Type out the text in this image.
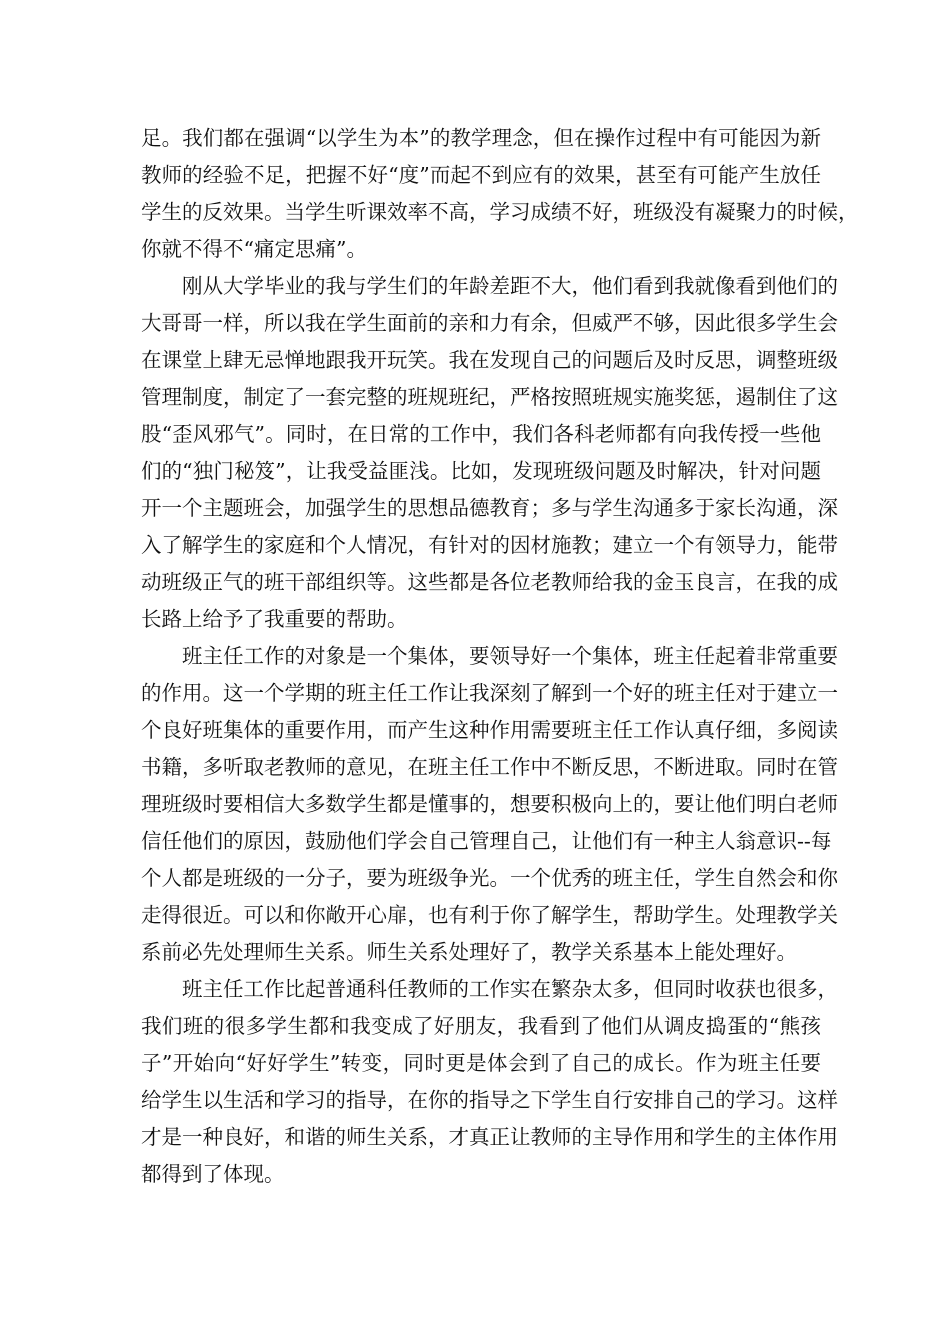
足。我们都在强调“以学生为本”的教学理念，但在操作过程中有可能因为新
教师的经验不足，把握不好“度”而起不到应有的效果，甚至有可能产生放任
学生的反效果。当学生听课效率不高，学习成绩不好，班级没有凝聚力的时候，
你就不得不“痛定思痛”。
刚从大学毕业的我与学生们的年龄差距不大，他们看到我就像看到他们的
大哥哥一样，所以我在学生面前的亲和力有余，但威严不够，因此很多学生会
在课堂上肆无忌惮地跟我开玩笑。我在发现自己的问题后及时反思，调整班级
管理制度，制定了一套完整的班规班纪，严格按照班规实施奖惩，遏制住了这
股“歪风邪气”。同时，在日常的工作中，我们各科老师都有向我传授一些他
们的“独门秘笈”，让我受益匪浅。比如，发现班级问题及时解决，针对问题
开一个主题班会，加强学生的思想品德教育；多与学生沟通多于家长沟通，深
入了解学生的家庭和个人情况，有针对的因材施教；建立一个有领导力，能带
动班级正气的班干部组织等。这些都是各位老教师给我的金玉良言，在我的成
长路上给予了我重要的帮助。
班主任工作的对象是一个集体，要领导好一个集体，班主任起着非常重要
的作用。这一个学期的班主任工作让我深刻了解到一个好的班主任对于建立一
个良好班集体的重要作用，而产生这种作用需要班主任工作认真仔细，多阅读
书籍，多听取老教师的意见，在班主任工作中不断反思，不断进取。同时在管
理班级时要相信大多数学生都是懂事的，想要积极向上的，要让他们明白老师
信任他们的原因，鼓励他们学会自己管理自己，让他们有一种主人翁意识--每
个人都是班级的一分子，要为班级争光。一个优秀的班主任，学生自然会和你
走得很近。可以和你敞开心扉，也有利于你了解学生，帮助学生。处理教学关
系前必先处理师生关系。师生关系处理好了，教学关系基本上能处理好。
班主任工作比起普通科任教师的工作实在繁杂太多，但同时收获也很多，
我们班的很多学生都和我变成了好朋友，我看到了他们从调皮捣蛋的“熊孩
子”开始向“好好学生”转变，同时更是体会到了自己的成长。作为班主任要
给学生以生活和学习的指导，在你的指导之下学生自行安排自己的学习。这样
才是一种良好，和谐的师生关系，才真正让教师的主导作用和学生的主体作用
都得到了体现。
